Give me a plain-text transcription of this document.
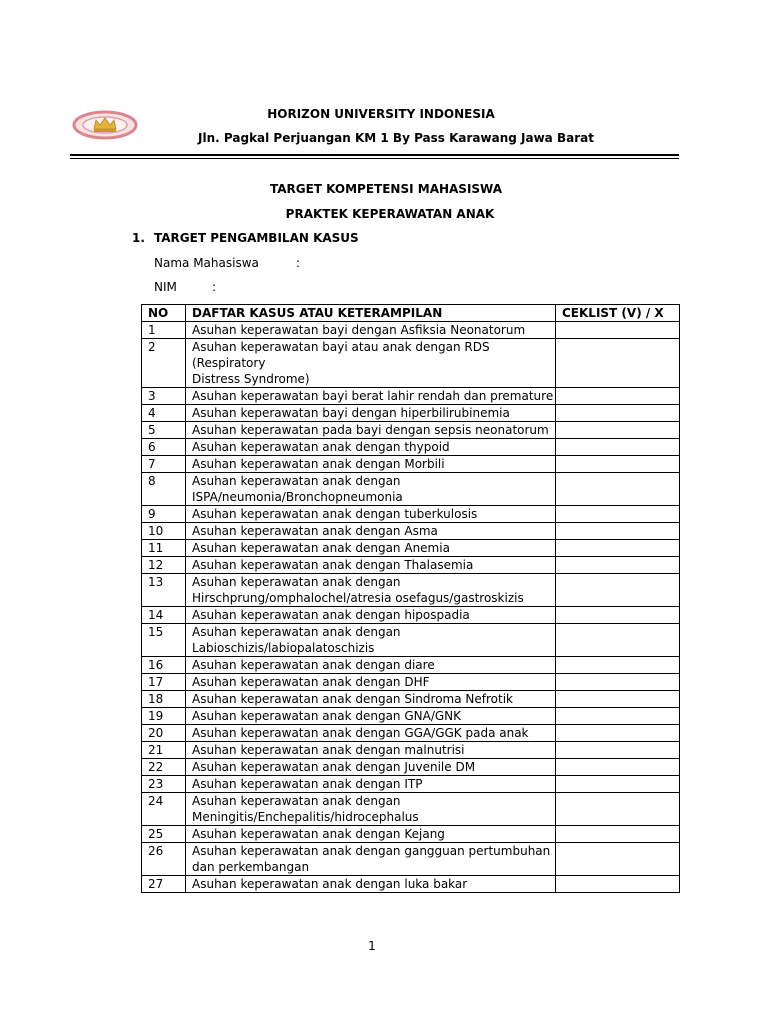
HORIZON UNIVERSITY INDONESIA
Jln. Pagkal Perjuangan KM 1 By Pass Karawang Jawa Barat
TARGET KOMPETENSI MAHASISWA
PRAKTEK KEPERAWATAN ANAK
1. TARGET PENGAMBILAN KASUS
Nama Mahasiswa	:
NIM	:
NO	DAFTAR KASUS ATAU KETERAMPILAN	CEKLIST (V) / X
1	Asuhan keperawatan bayi dengan Asfiksia Neonatorum	

2	Asuhan keperawatan bayi atau anak dengan RDS (Respiratory
Distress Syndrome)	

3	Asuhan keperawatan bayi berat lahir rendah dan premature	

4	Asuhan keperawatan bayi dengan hiperbilirubinemia	

5	Asuhan keperawatan pada bayi dengan sepsis neonatorum	

6	Asuhan keperawatan anak dengan thypoid	

7	Asuhan keperawatan anak dengan Morbili	

8	Asuhan keperawatan anak dengan
ISPA/neumonia/Bronchopneumonia	

9	Asuhan keperawatan anak dengan tuberkulosis	

10	Asuhan keperawatan anak dengan Asma	

11	Asuhan keperawatan anak dengan Anemia	

12	Asuhan keperawatan anak dengan Thalasemia	

13	Asuhan keperawatan anak dengan
Hirschprung/omphalochel/atresia osefagus/gastroskizis	

14	Asuhan keperawatan anak dengan hipospadia	

15	Asuhan keperawatan anak dengan
Labioschizis/labiopalatoschizis	

16	Asuhan keperawatan anak dengan diare	

17	Asuhan keperawatan anak dengan DHF	

18	Asuhan keperawatan anak dengan Sindroma Nefrotik	

19	Asuhan keperawatan anak dengan GNA/GNK	

20	Asuhan keperawatan anak dengan GGA/GGK pada anak	

21	Asuhan keperawatan anak dengan malnutrisi	

22	Asuhan keperawatan anak dengan Juvenile DM	

23	Asuhan keperawatan anak dengan ITP	

24	Asuhan keperawatan anak dengan
Meningitis/Enchepalitis/hidrocephalus	

25	Asuhan keperawatan anak dengan Kejang	

26	Asuhan keperawatan anak dengan gangguan pertumbuhan
dan perkembangan	

27	Asuhan keperawatan anak dengan luka bakar	

1
